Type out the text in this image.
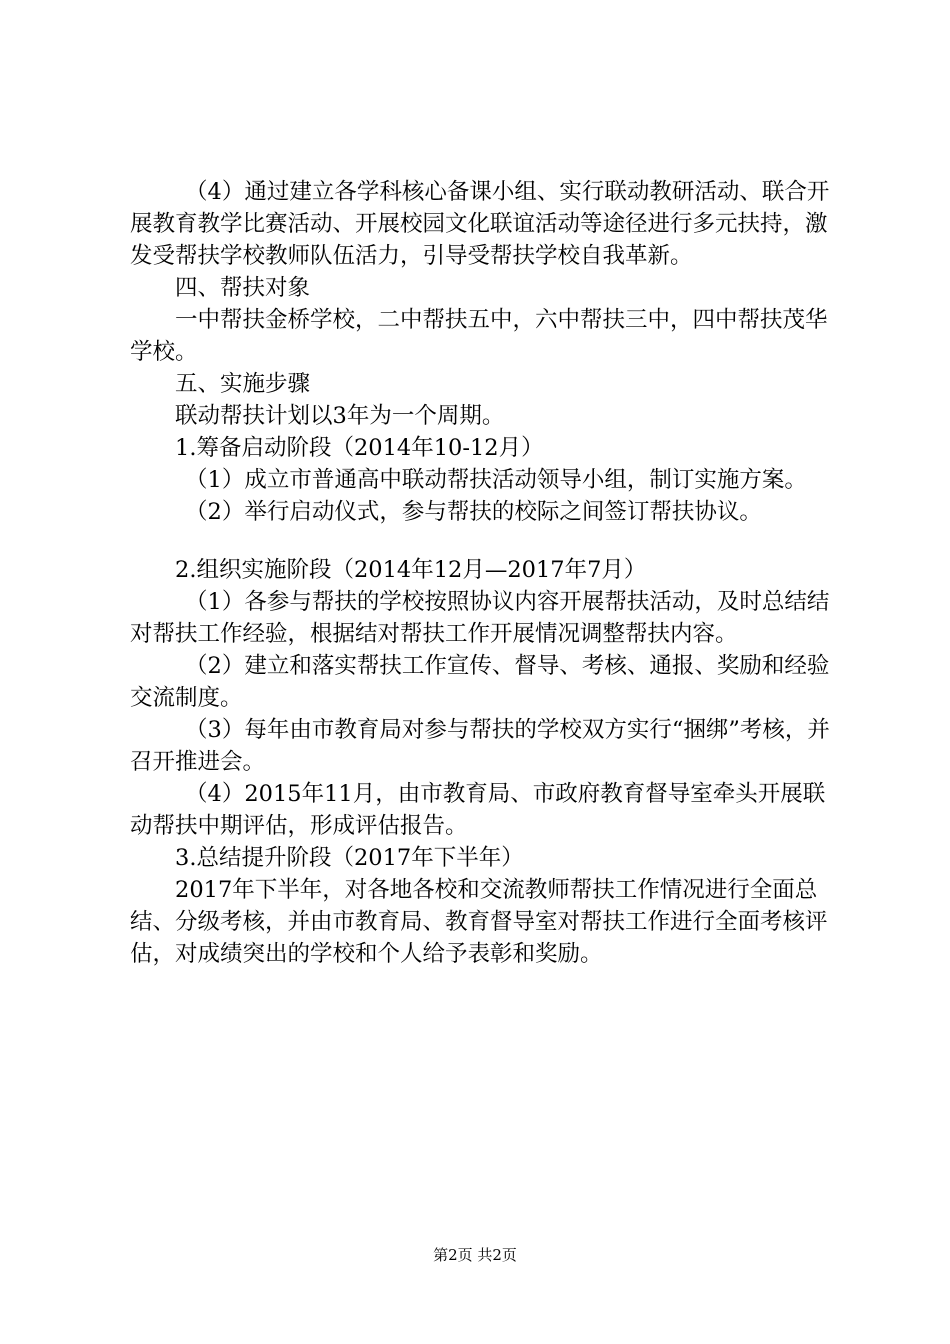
（4）通过建立各学科核心备课小组、实行联动教研活动、联合开展教育教学比赛活动、开展校园文化联谊活动等途径进行多元扶持，激发受帮扶学校教师队伍活力，引导受帮扶学校自我革新。

四、帮扶对象

一中帮扶金桥学校，二中帮扶五中，六中帮扶三中，四中帮扶茂华学校。

五、实施步骤

联动帮扶计划以3年为一个周期。

1.筹备启动阶段（2014年10-12月）

（1）成立市普通高中联动帮扶活动领导小组，制订实施方案。

（2）举行启动仪式，参与帮扶的校际之间签订帮扶协议。

2.组织实施阶段（2014年12月—2017年7月）

（1）各参与帮扶的学校按照协议内容开展帮扶活动，及时总结结对帮扶工作经验，根据结对帮扶工作开展情况调整帮扶内容。

（2）建立和落实帮扶工作宣传、督导、考核、通报、奖励和经验交流制度。

（3）每年由市教育局对参与帮扶的学校双方实行“捆绑”考核，并召开推进会。

（4）2015年11月，由市教育局、市政府教育督导室牵头开展联动帮扶中期评估，形成评估报告。

3.总结提升阶段（2017年下半年）

2017年下半年，对各地各校和交流教师帮扶工作情况进行全面总结、分级考核，并由市教育局、教育督导室对帮扶工作进行全面考核评估，对成绩突出的学校和个人给予表彰和奖励。

第2页 共2页
